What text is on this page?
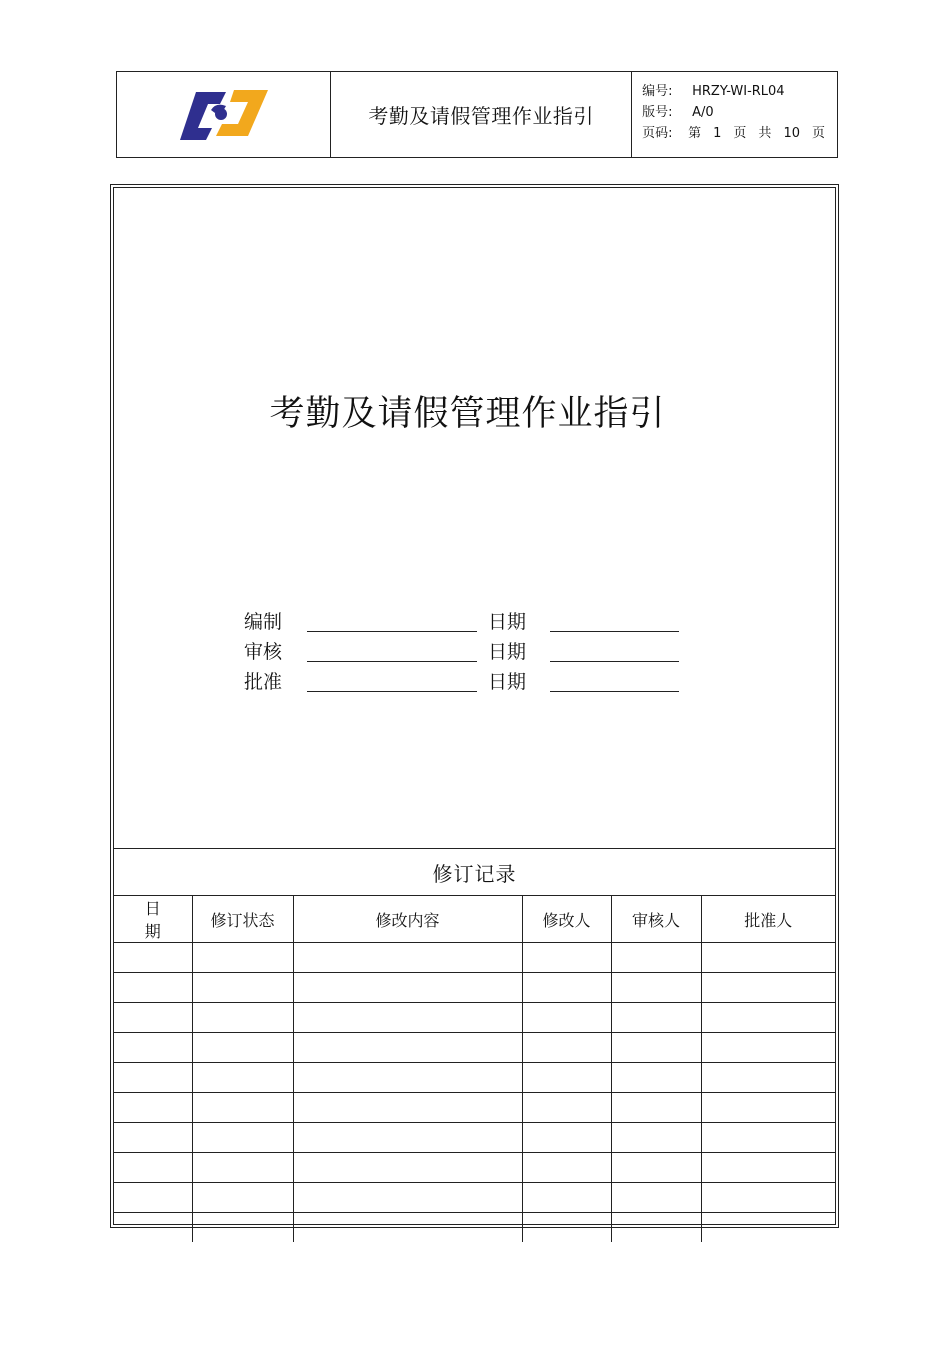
考勤及请假管理作业指引
编号:	HRZY-WI-RL04
版号:	A/0
页码:	第 1 页 共 10 页
考勤及请假管理作业指引
编制	日期
审核	日期
批准	日期
修订记录
日期	修订状态	修改内容	修改人	审核人	批准人
